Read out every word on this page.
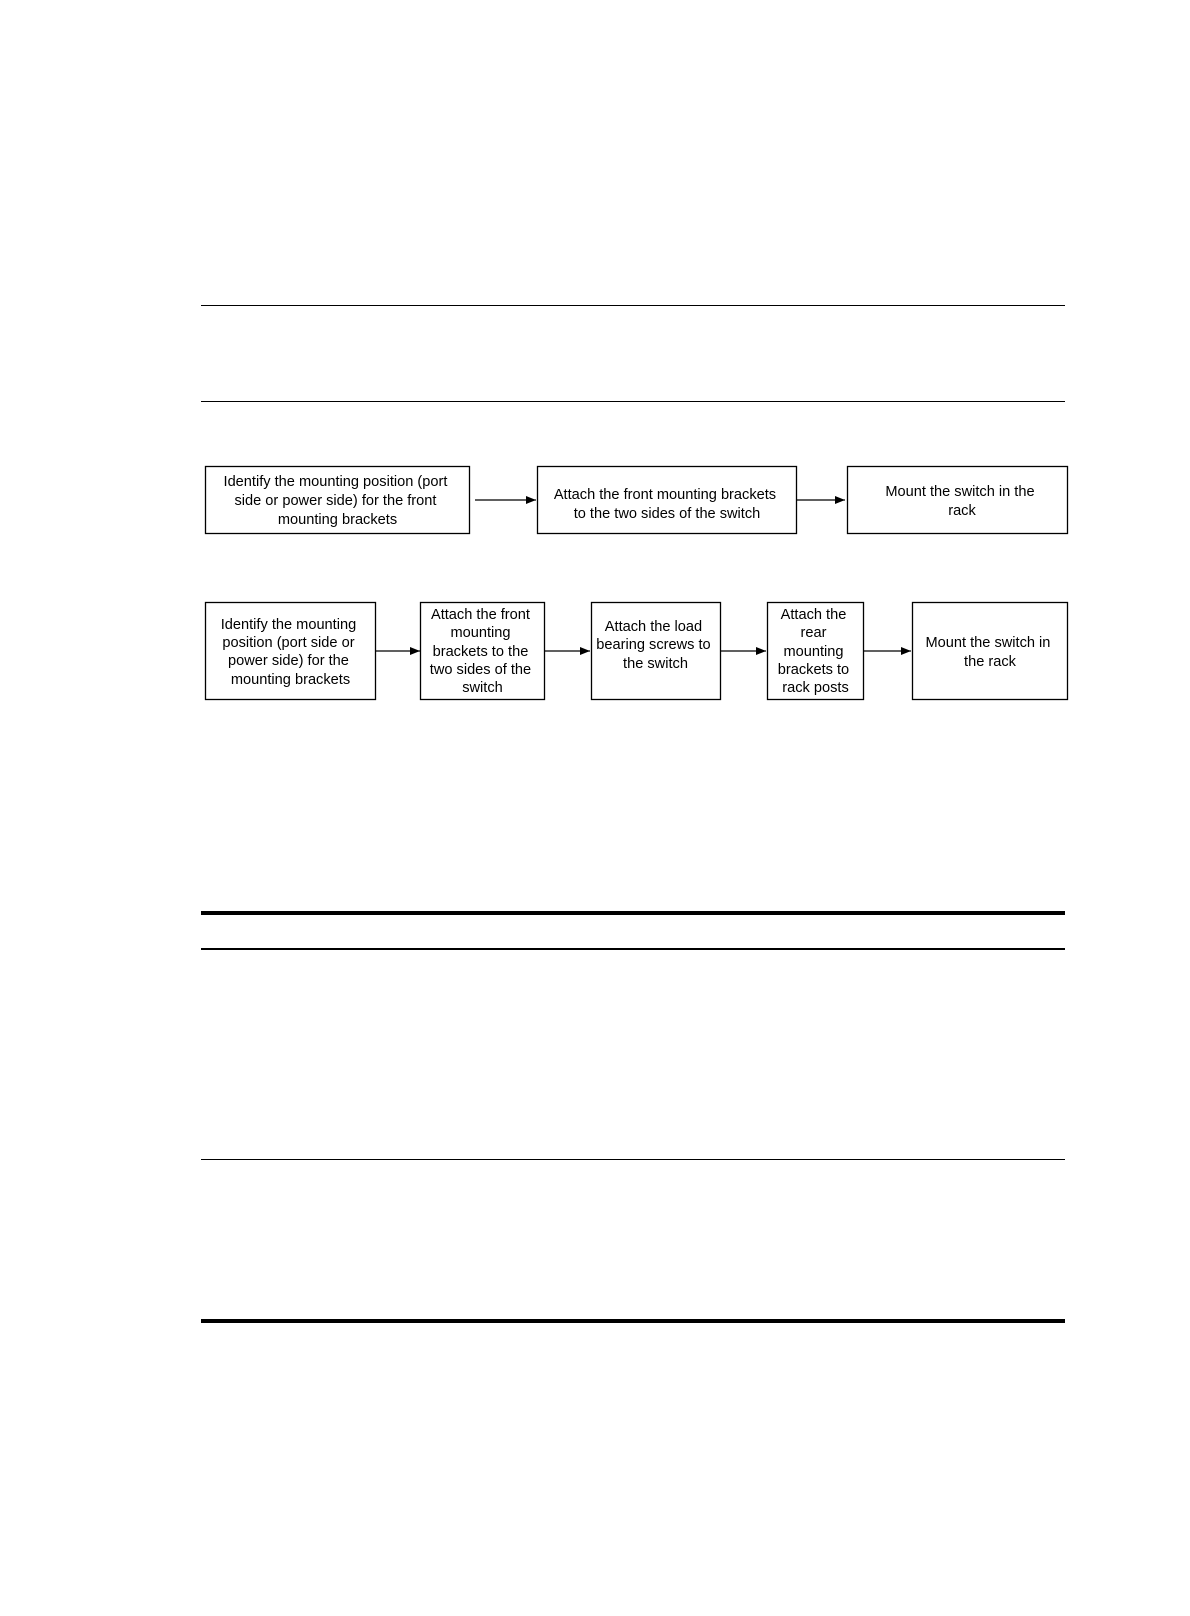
Identify the mounting position (port side or power side) for the front mounting brackets
Attach the front mounting brackets to the two sides of the switch
Mount the switch in the rack
Identify the mounting position (port side or power side) for the mounting brackets
Attach the front mounting brackets to the two sides of the switch
Attach the load bearing screws to the switch
Attach the rear mounting brackets to rack posts
Mount the switch in the rack
